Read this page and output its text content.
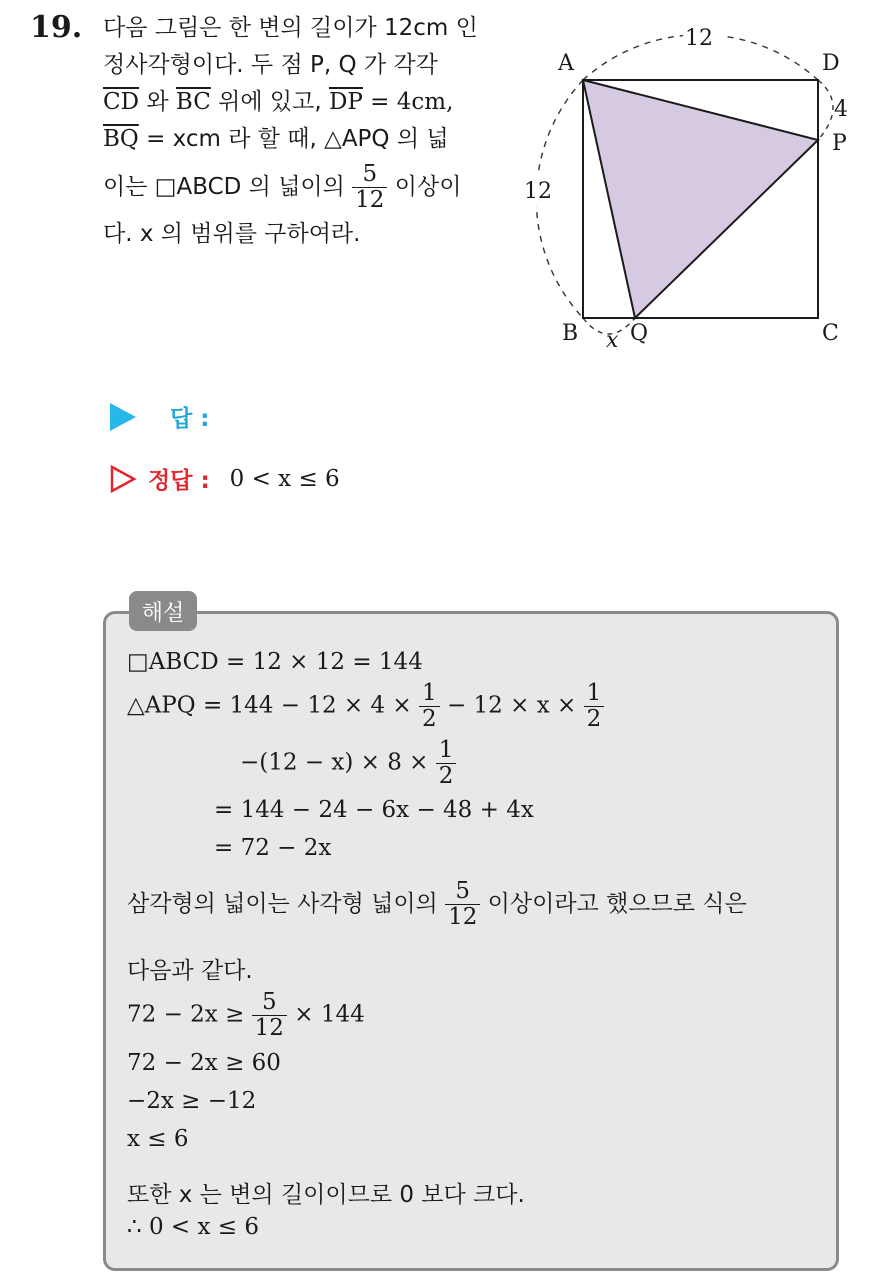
19. 다음 그림은 한 변의 길이가 12cm 인
정사각형이다. 두 점 P, Q 가 각각
$\overline{CD}$ 와 $\overline{BC}$ 위에 있고, $\overline{DP} = 4cm$,
$\overline{BQ}$ = xcm 라 할 때, △APQ 의 넓
이는 □ABCD 의 넓이의 $\frac{5}{12}$ 이상이
다. x 의 범위를 구하여라.
12
A	D
4
P
12
B x Q	C
답 :
정답 : 0 < x ≤ 6
해설
□ABCD = 12 × 12 = 144
△APQ = $144 - 12 \times 4 \times \frac{1}{2} - 12 \times x \times \frac{1}{2}$
$-(12 - x) \times 8 \times \frac{1}{2}$
= 144 − 24 − 6x − 48 + 4x
= 72 − 2x
삼각형의 넓이는 사각형 넓이의 $\frac{5}{12}$ 이상이라고 했으므로 식은
다음과 같다.
$72 - 2x \ge \frac{5}{12} \times 144$
72 − 2x ≥ 60
−2x ≥ −12
x ≤ 6
또한 x 는 변의 길이이므로 0 보다 크다.
∴ 0 < x ≤ 6
